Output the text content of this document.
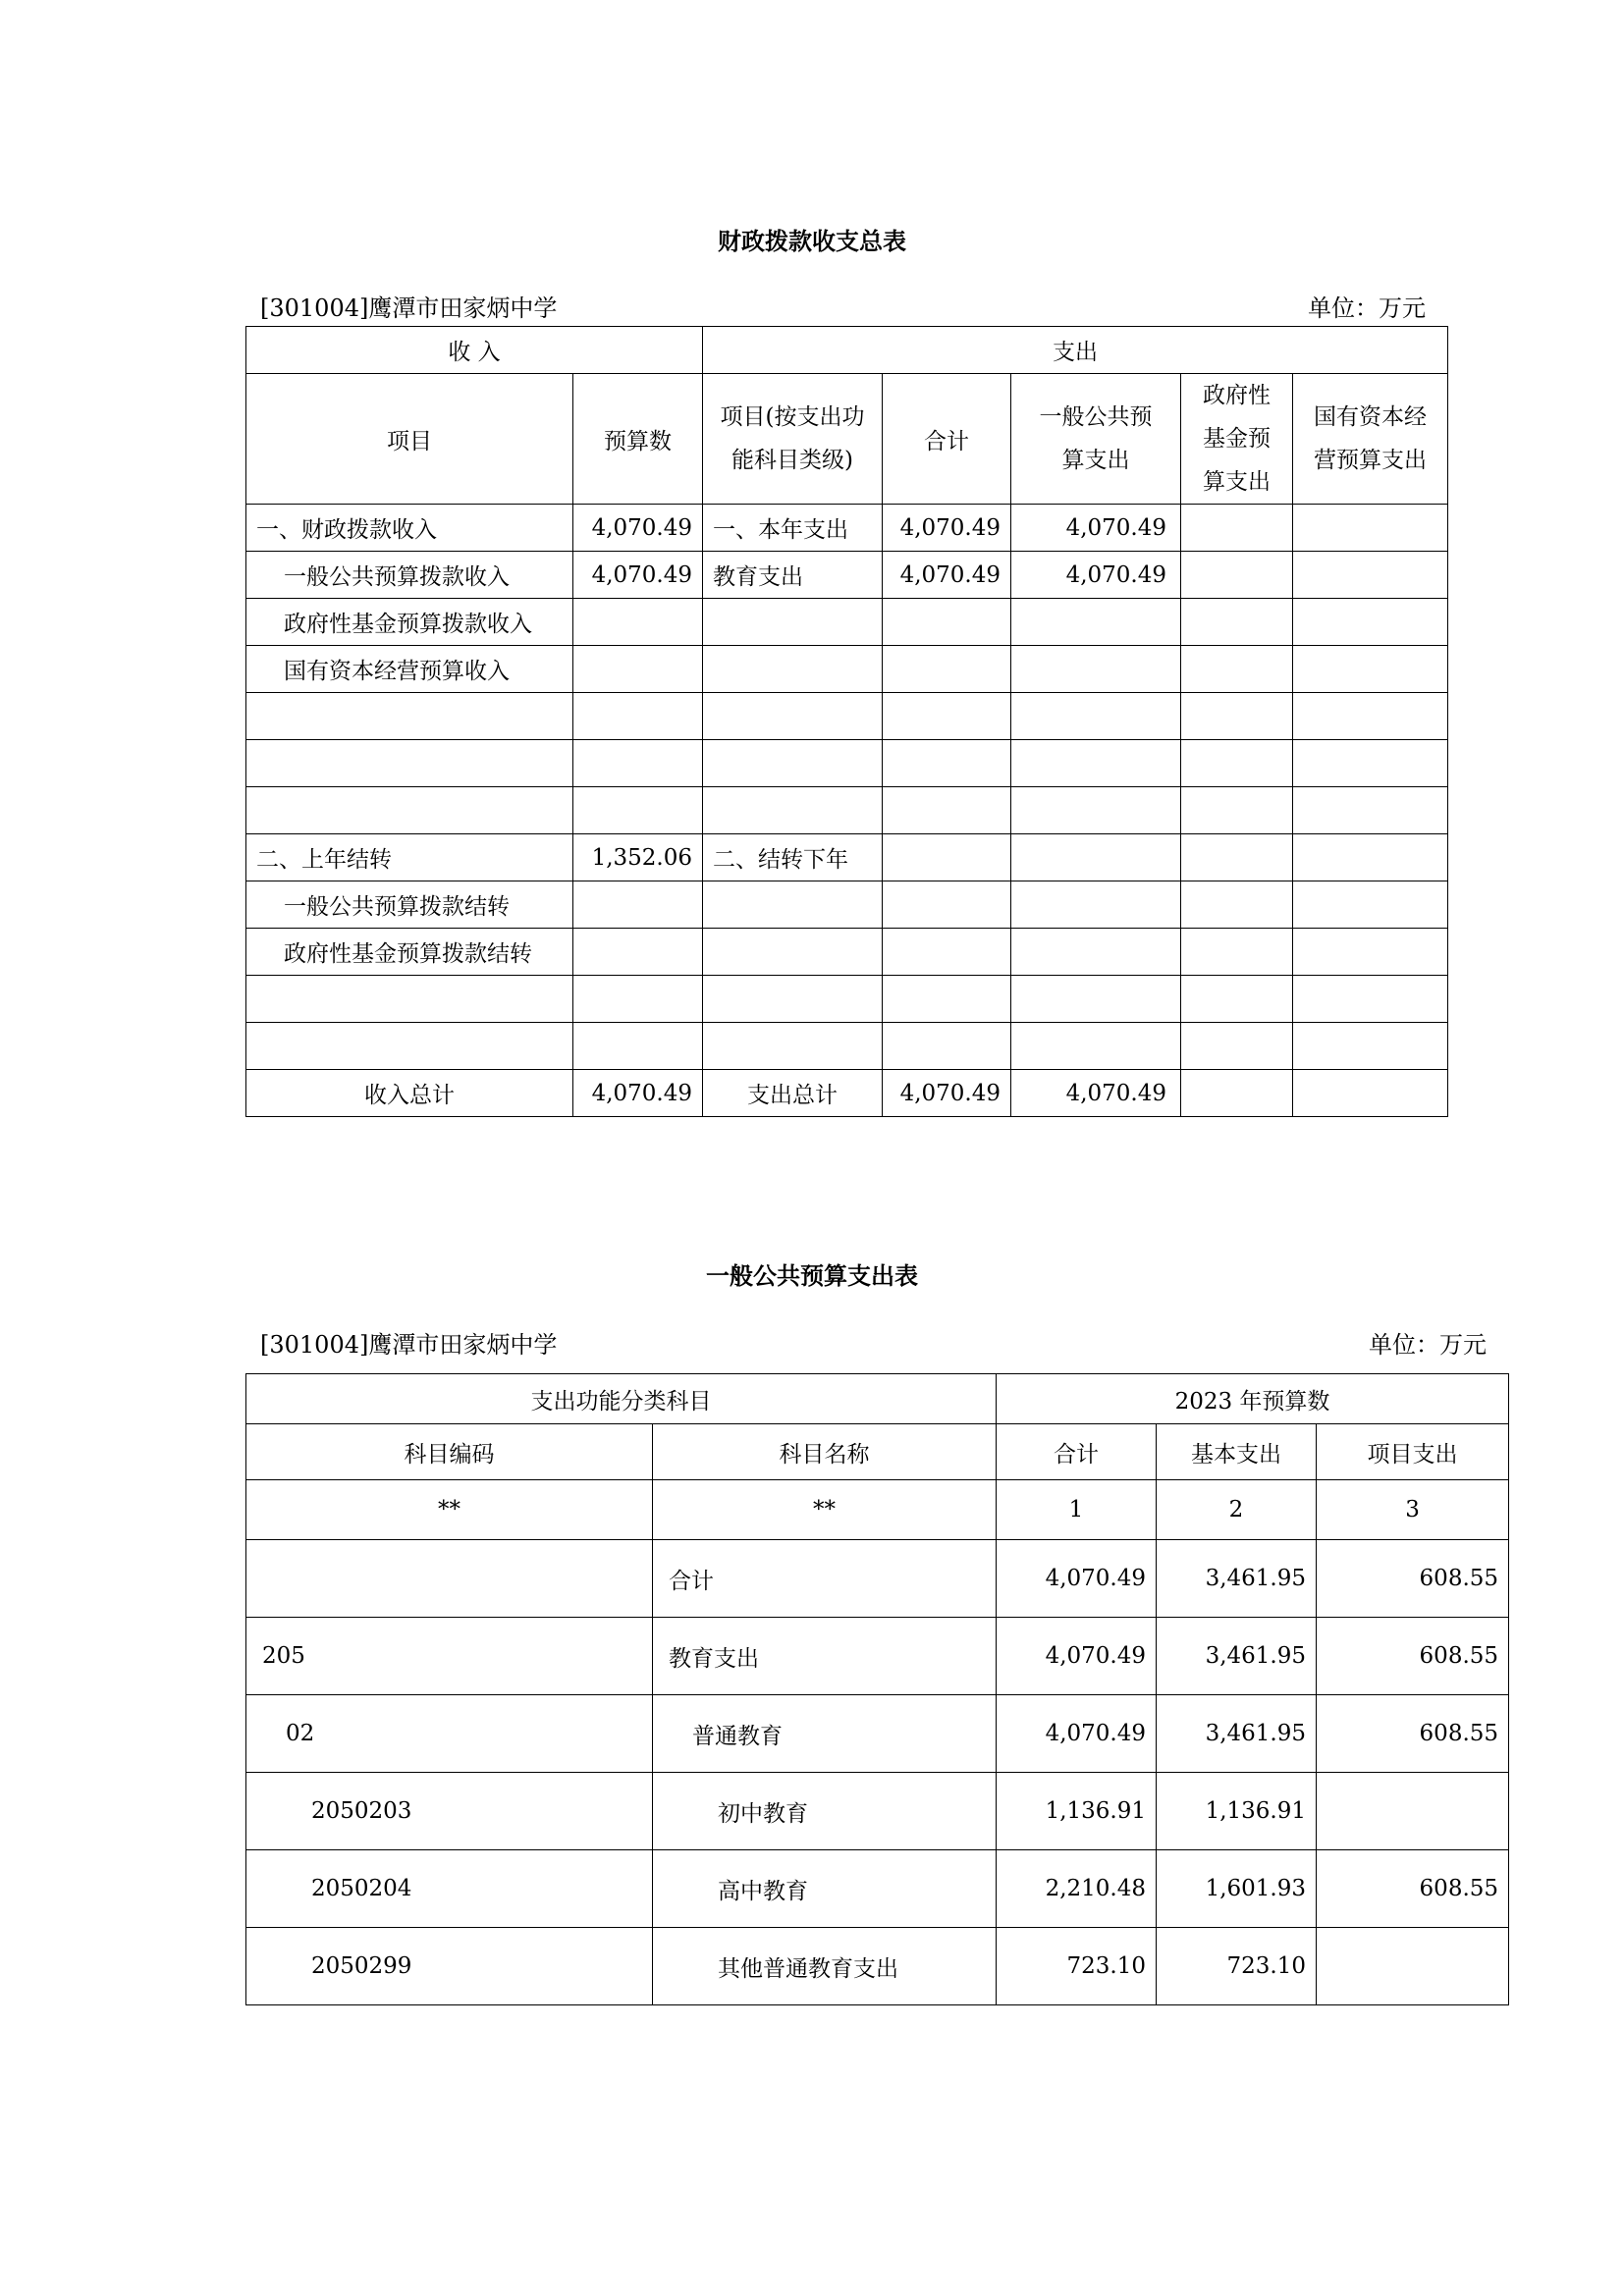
财政拨款收支总表
[301004]鹰潭市田家炳中学	单位：万元
收 入		支出				
项目	预算数	项目(按支出功能科目类级)	合计	一般公共预算支出	政府性基金预算支出	国有资本经营预算支出
一、财政拨款收入	4,070.49	一、本年支出	4,070.49	4,070.49		
一般公共预算拨款收入	4,070.49	教育支出	4,070.49	4,070.49		
政府性基金预算拨款收入						
国有资本经营预算收入						

二、上年结转	1,352.06	二、结转下年				
一般公共预算拨款结转						
政府性基金预算拨款结转						

收入总计	4,070.49	支出总计	4,070.49	4,070.49		
一般公共预算支出表
[301004]鹰潭市田家炳中学	单位：万元
支出功能分类科目		2023 年预算数		
科目编码	科目名称	合计	基本支出	项目支出
**	**	1	2	3
	合计	4,070.49	3,461.95	608.55
205	教育支出	4,070.49	3,461.95	608.55
02	普通教育	4,070.49	3,461.95	608.55
2050203	初中教育	1,136.91	1,136.91	
2050204	高中教育	2,210.48	1,601.93	608.55
2050299	其他普通教育支出	723.10	723.10	
